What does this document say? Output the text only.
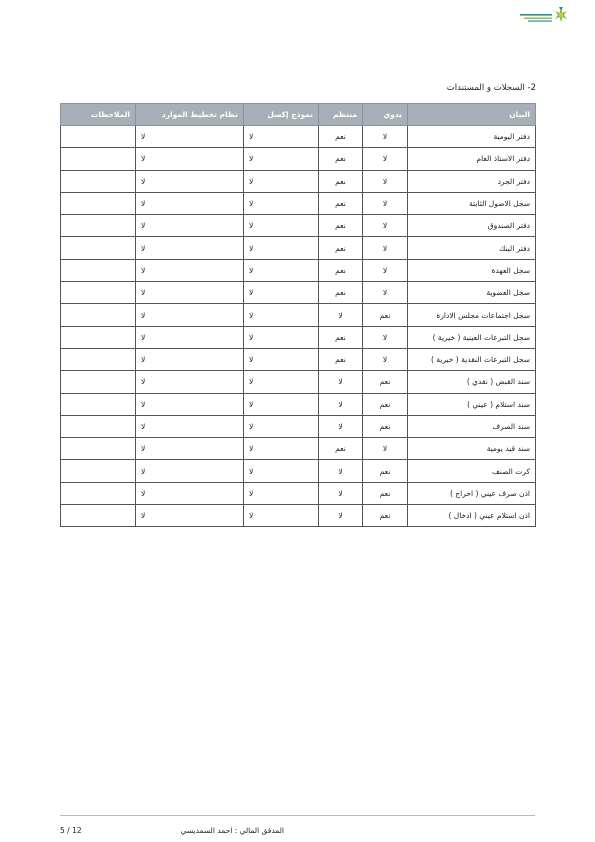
2- السجلات و المستندات
البيان	يدوي	منتظم	نموذج إكسل	نظام تخطيط الموارد	الملاحظات
دفتر اليومية	لا	نعم	لا	لا	
دفتر الاستاذ العام	لا	نعم	لا	لا	
دفتر الجرد	لا	نعم	لا	لا	
سجل الاصول الثابتة	لا	نعم	لا	لا	
دفتر الصندوق	لا	نعم	لا	لا	
دفتر البنك	لا	نعم	لا	لا	
سجل العهدة	لا	نعم	لا	لا	
سجل العضوية	لا	نعم	لا	لا	
سجل اجتماعات مجلس الادارة	نعم	لا	لا	لا	
سجل التبرعات العينية ( خيرية )	لا	نعم	لا	لا	
سجل التبرعات النقدية ( خيرية )	لا	نعم	لا	لا	
سند القبض ( نقدي )	نعم	لا	لا	لا	
سند استلام ( عيني )	نعم	لا	لا	لا	
سند الصرف	نعم	لا	لا	لا	
سند قيد يومية	لا	نعم	لا	لا	
كرت الصنف	نعم	لا	لا	لا	
اذن صرف عيني ( اخراج )	نعم	لا	لا	لا	
اذن استلام عيني ( ادخال )	نعم	لا	لا	لا	
المدقق المالي : احمد السمديسي
5 / 12
